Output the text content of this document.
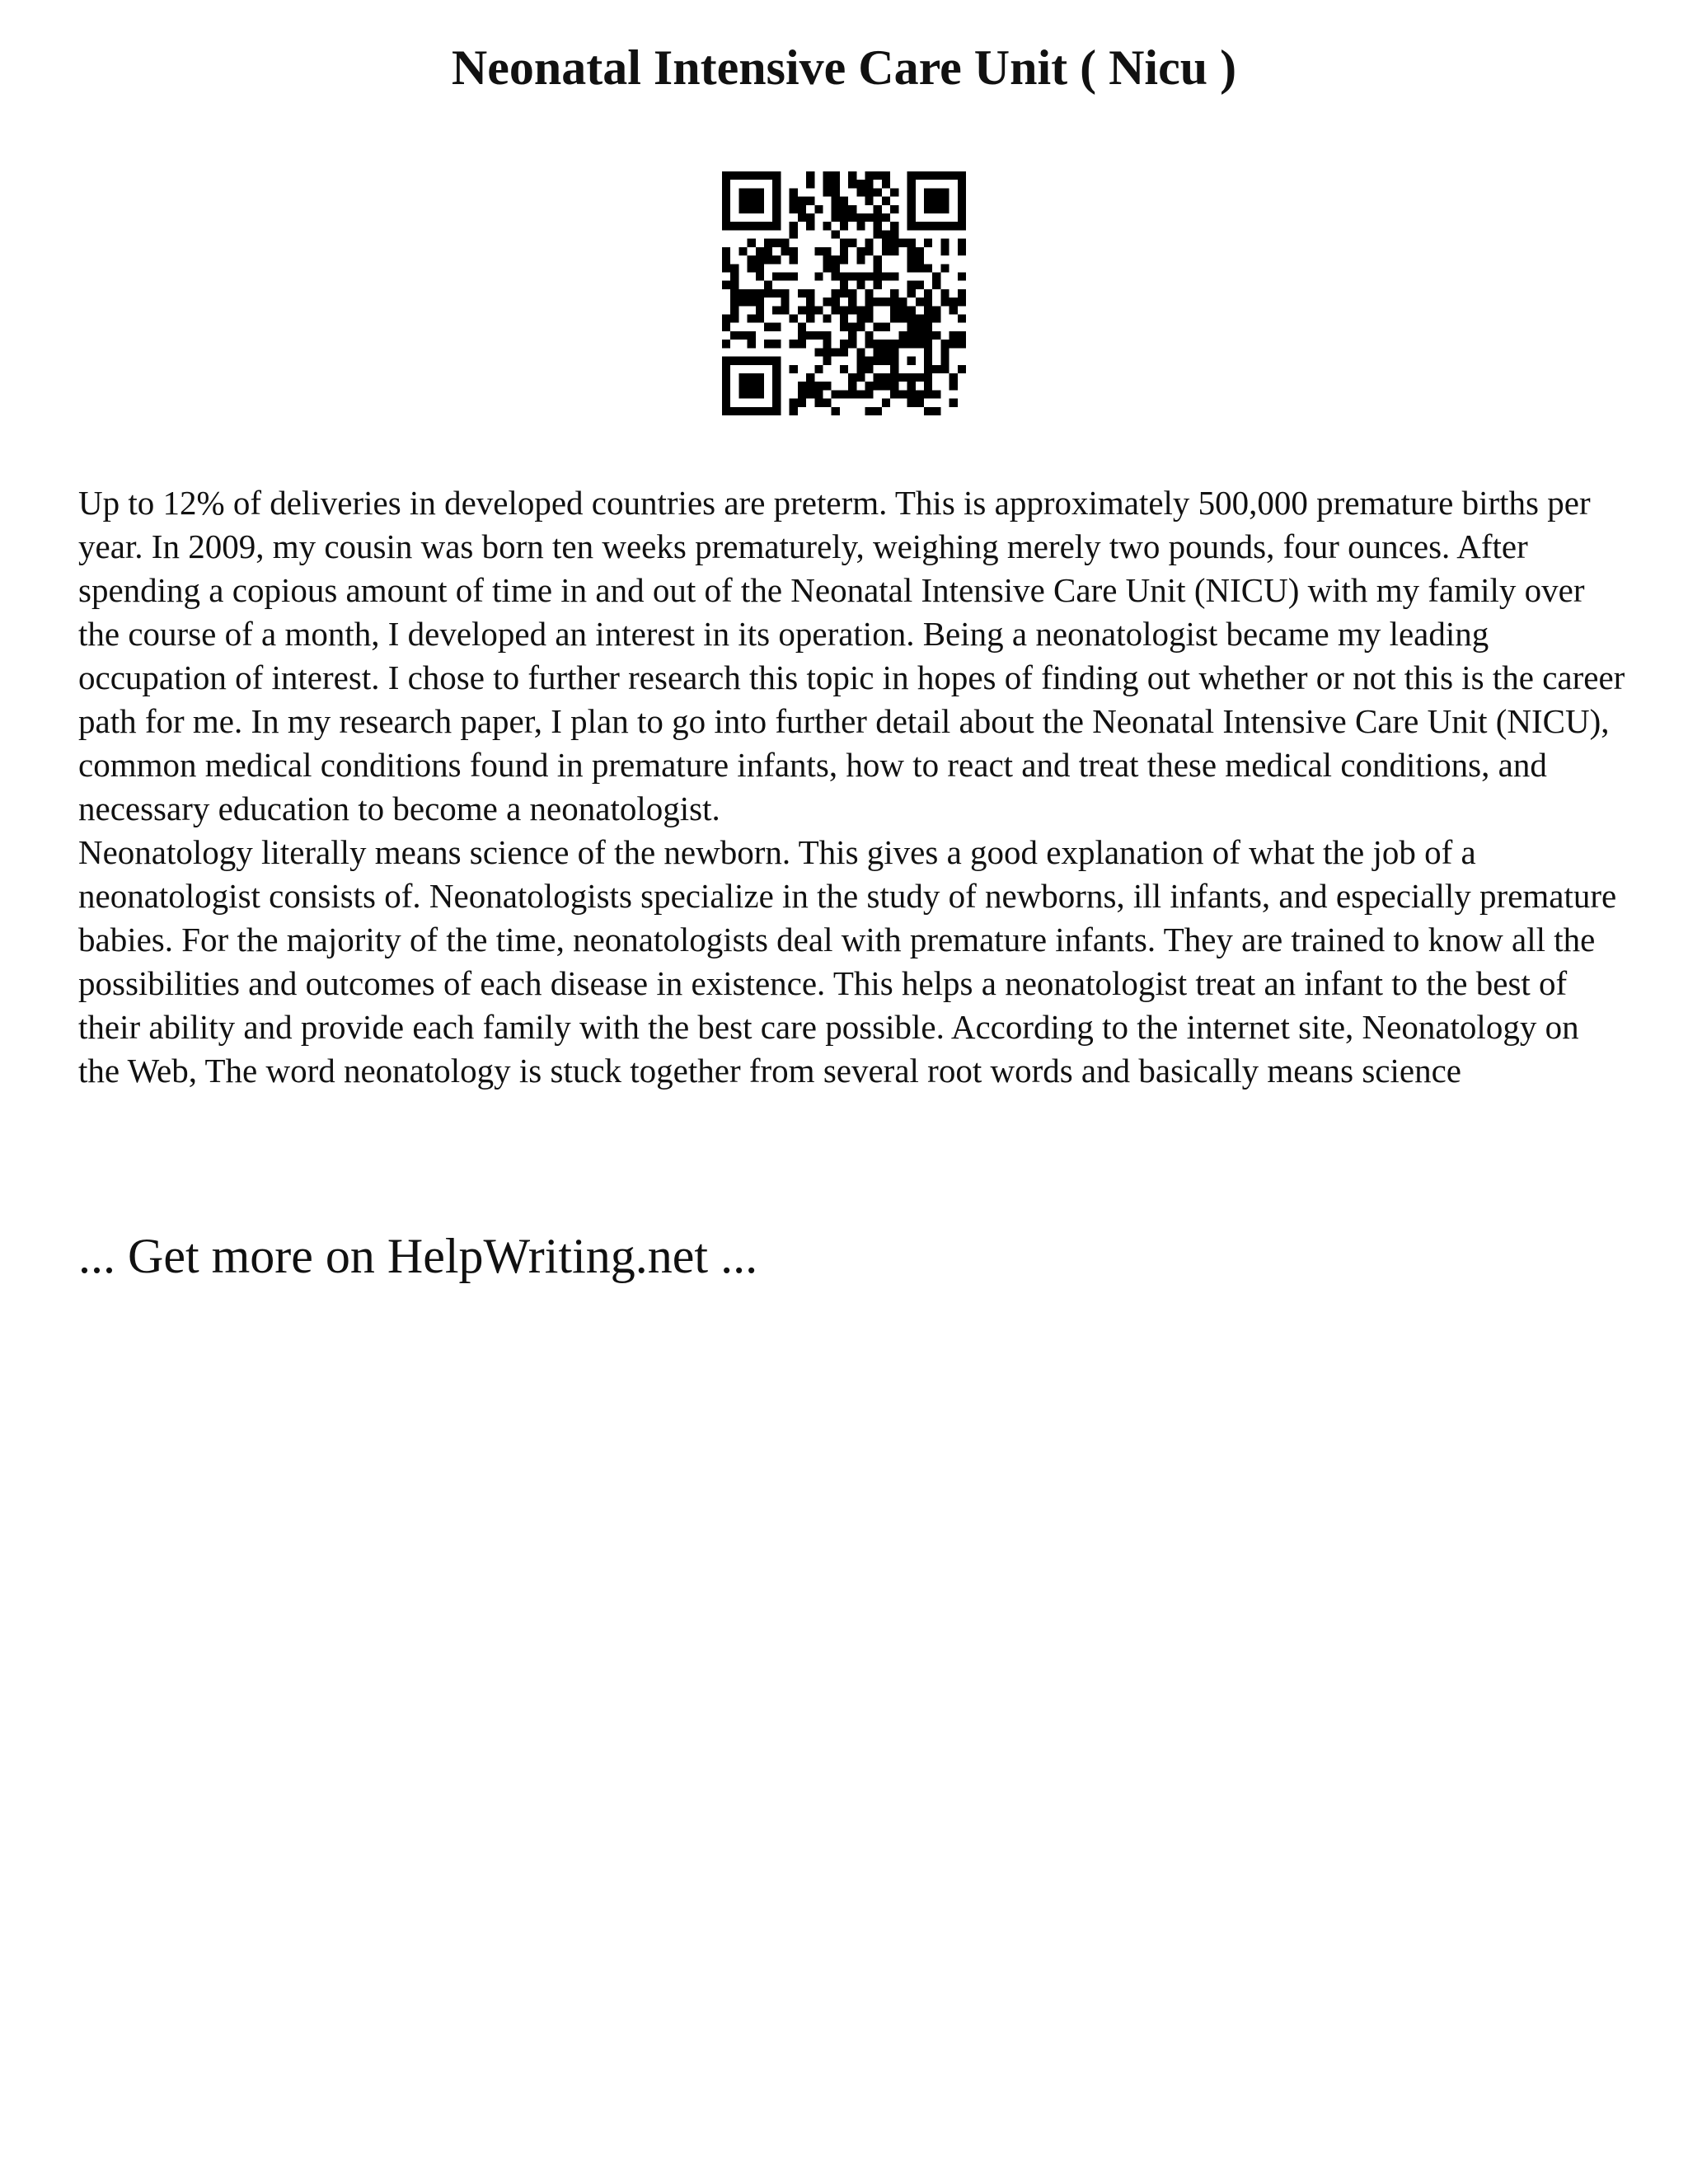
Neonatal Intensive Care Unit ( Nicu )

Up to 12% of deliveries in developed countries are preterm. This is approximately 500,000 premature births per year. In 2009, my cousin was born ten weeks prematurely, weighing merely two pounds, four ounces. After spending a copious amount of time in and out of the Neonatal Intensive Care Unit (NICU) with my family over the course of a month, I developed an interest in its operation. Being a neonatologist became my leading occupation of interest. I chose to further research this topic in hopes of finding out whether or not this is the career path for me. In my research paper, I plan to go into further detail about the Neonatal Intensive Care Unit (NICU), common medical conditions found in premature infants, how to react and treat these medical conditions, and necessary education to become a neonatologist.

Neonatology literally means science of the newborn. This gives a good explanation of what the job of a neonatologist consists of. Neonatologists specialize in the study of newborns, ill infants, and especially premature babies. For the majority of the time, neonatologists deal with premature infants. They are trained to know all the possibilities and outcomes of each disease in existence. This helps a neonatologist treat an infant to the best of their ability and provide each family with the best care possible. According to the internet site, Neonatology on the Web, The word neonatology is stuck together from several root words and basically means science

... Get more on HelpWriting.net ...
